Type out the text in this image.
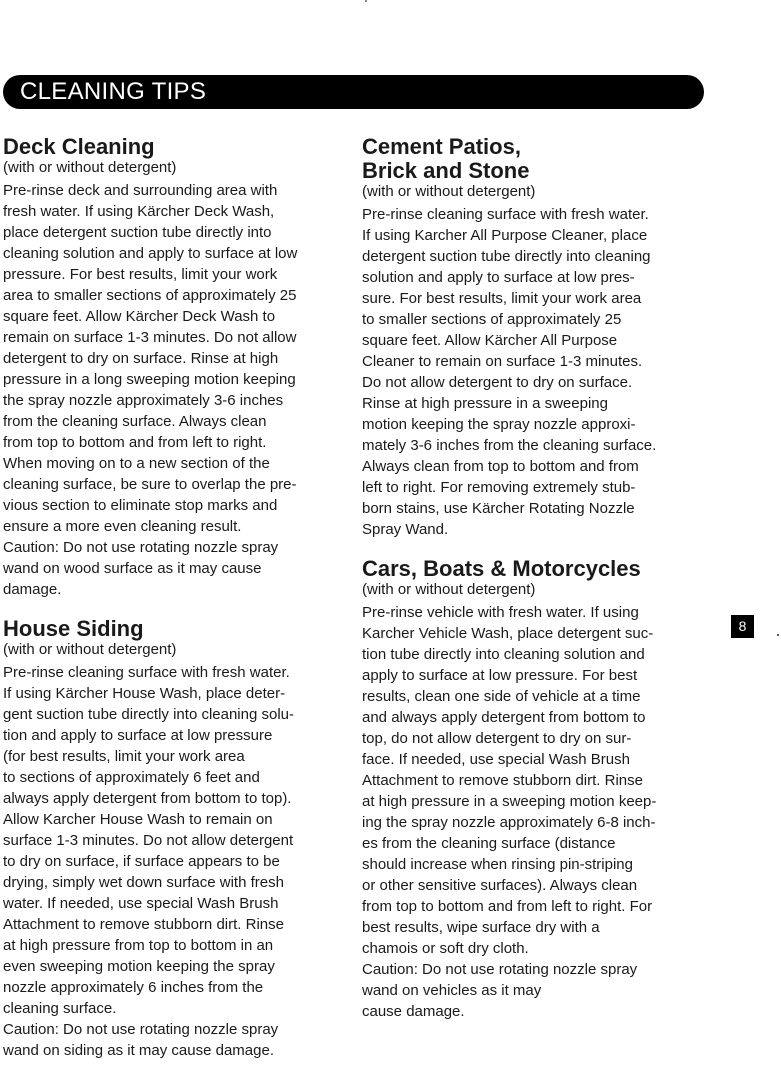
CLEANING TIPS
Deck Cleaning

(with or without detergent)

Pre-rinse deck and surrounding area with
fresh water. If using Kärcher Deck Wash,
place detergent suction tube directly into
cleaning solution and apply to surface at low
pressure. For best results, limit your work
area to smaller sections of approximately 25
square feet. Allow Kärcher Deck Wash to
remain on surface 1-3 minutes. Do not allow
detergent to dry on surface. Rinse at high
pressure in a long sweeping motion keeping
the spray nozzle approximately 3-6 inches
from the cleaning surface. Always clean
from top to bottom and from left to right.
When moving on to a new section of the
cleaning surface, be sure to overlap the pre-
vious section to eliminate stop marks and
ensure a more even cleaning result.
Caution: Do not use rotating nozzle spray
wand on wood surface as it may cause
damage.

House Siding

(with or without detergent)

Pre-rinse cleaning surface with fresh water.
If using Kärcher House Wash, place deter-
gent suction tube directly into cleaning solu-
tion and apply to surface at low pressure
(for best results, limit your work area
to sections of approximately 6 feet and
always apply detergent from bottom to top).
Allow Karcher House Wash to remain on
surface 1-3 minutes. Do not allow detergent
to dry on surface, if surface appears to be
drying, simply wet down surface with fresh
water. If needed, use special Wash Brush
Attachment to remove stubborn dirt. Rinse
at high pressure from top to bottom in an
even sweeping motion keeping the spray
nozzle approximately 6 inches from the
cleaning surface.
Caution: Do not use rotating nozzle spray
wand on siding as it may cause damage.

Cement Patios,
Brick and Stone

(with or without detergent)

Pre-rinse cleaning surface with fresh water.
If using Karcher All Purpose Cleaner, place
detergent suction tube directly into cleaning
solution and apply to surface at low pres-
sure. For best results, limit your work area
to smaller sections of approximately 25
square feet. Allow Kärcher All Purpose
Cleaner to remain on surface 1-3 minutes.
Do not allow detergent to dry on surface.
Rinse at high pressure in a sweeping
motion keeping the spray nozzle approxi-
mately 3-6 inches from the cleaning surface.
Always clean from top to bottom and from
left to right. For removing extremely stub-
born stains, use Kärcher Rotating Nozzle
Spray Wand.

Cars, Boats & Motorcycles

(with or without detergent)

Pre-rinse vehicle with fresh water. If using
Karcher Vehicle Wash, place detergent suc-
tion tube directly into cleaning solution and
apply to surface at low pressure. For best
results, clean one side of vehicle at a time
and always apply detergent from bottom to
top, do not allow detergent to dry on sur-
face. If needed, use special Wash Brush
Attachment to remove stubborn dirt. Rinse
at high pressure in a sweeping motion keep-
ing the spray nozzle approximately 6-8 inch-
es from the cleaning surface (distance
should increase when rinsing pin-striping
or other sensitive surfaces). Always clean
from top to bottom and from left to right. For
best results, wipe surface dry with a
chamois or soft dry cloth.
Caution: Do not use rotating nozzle spray
wand on vehicles as it may
cause damage.

8
